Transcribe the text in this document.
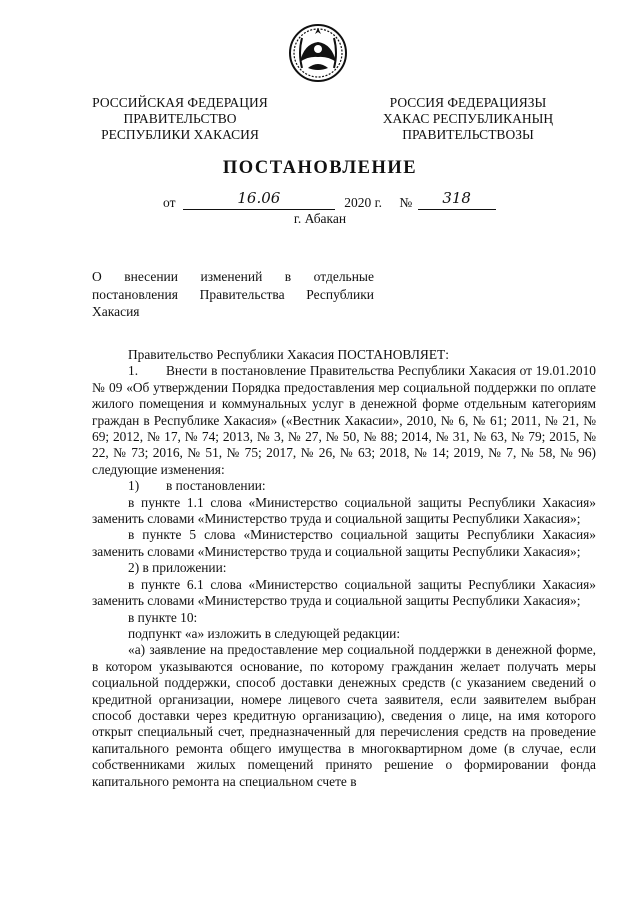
РОССИЙСКАЯ ФЕДЕРАЦИЯ
ПРАВИТЕЛЬСТВО
РЕСПУБЛИКИ ХАКАСИЯ
РОССИЯ ФЕДЕРАЦИЯЗЫ
ХАКАС РЕСПУБЛИКАНЫҢ
ПРАВИТЕЛЬСТВОЗЫ
ПОСТАНОВЛЕНИЕ
от	16.06	2020 г. № 318
г. Абакан

О внесении изменений в отдельные

постановления Правительства Республики

Хакасия

Правительство Республики Хакасия ПОСТАНОВЛЯЕТ:

1. Внести в постановление Правительства Республики Хакасия от 19.01.2010 № 09 «Об утверждении Порядка предоставления мер социальной поддержки по оплате жилого помещения и коммунальных услуг в денежной форме отдельным категориям граждан в Республике Хакасия» («Вестник Хакасии», 2010, № 6, № 61; 2011, № 21, № 69; 2012, № 17, № 74; 2013, № 3, № 27, № 50, № 88; 2014, № 31, № 63, № 79; 2015, № 22, № 73; 2016, № 51, № 75; 2017, № 26, № 63; 2018, № 14; 2019, № 7, № 58, № 96) следующие изменения:

1) в постановлении:

в пункте 1.1 слова «Министерство социальной защиты Республики Хакасия» заменить словами «Министерство труда и социальной защиты Республики Хакасия»;

в пункте 5 слова «Министерство социальной защиты Республики Хакасия» заменить словами «Министерство труда и социальной защиты Республики Хакасия»;

2) в приложении:

в пункте 6.1 слова «Министерство социальной защиты Республики Хакасия» заменить словами «Министерство труда и социальной защиты Республики Хакасия»;

в пункте 10:

подпункт «а» изложить в следующей редакции:

«а) заявление на предоставление мер социальной поддержки в денежной форме, в котором указываются основание, по которому гражданин желает получать меры социальной поддержки, способ доставки денежных средств (с указанием сведений о кредитной организации, номере лицевого счета заявителя, если заявителем выбран способ доставки через кредитную организацию), сведения о лице, на имя которого открыт специальный счет, предназначенный для перечисления средств на проведение капитального ремонта общего имущества в многоквартирном доме (в случае, если собственниками жилых помещений принято решение о формировании фонда капитального ремонта на специальном счете в
